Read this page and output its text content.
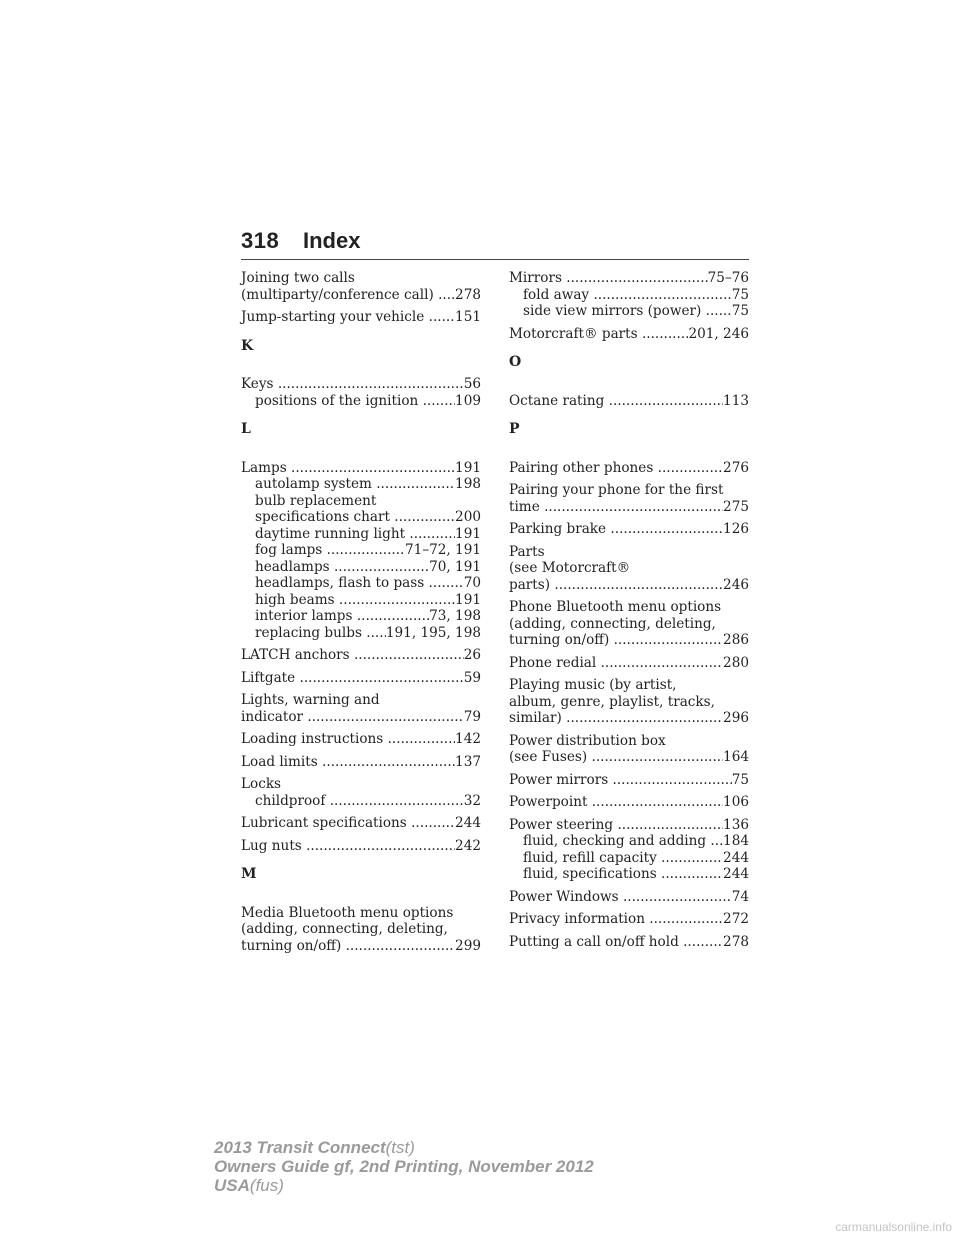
318 Index
Joining two calls
(multiparty/conference call) ..... 278
Jump-starting your vehicle ..... 151
K
Keys .....	56
positions of the ignition ..... 109
L
Lamps .....	191
autolamp system .....	198
bulb replacement
specifications chart .....	200
daytime running light .....	191
fog lamps .....	71–72, 191
headlamps .....	70, 191
headlamps, flash to pass .....	70
high beams .....	191
interior lamps .....	73, 198
replacing bulbs ..... 191, 195, 198
LATCH anchors .....	26
Liftgate .....	59
Lights, warning and
indicator .....	79
Loading instructions .....	142
Load limits .....	137
Locks
childproof .....	32
Lubricant specifications .....	244
Lug nuts .....	242
M
Media Bluetooth menu options
(adding, connecting, deleting,
turning on/off) .....	299
Mirrors .....	75–76
fold away .....	75
side view mirrors (power) ..... 75
Motorcraft® parts .....	201, 246
O
Octane rating .....	113
P
Pairing other phones .....	276
Pairing your phone for the first
time .....	275
Parking brake .....	126
Parts
(see Motorcraft®
parts) .....	246
Phone Bluetooth menu options
(adding, connecting, deleting,
turning on/off) .....	286
Phone redial .....	280
Playing music (by artist,
album, genre, playlist, tracks,
similar) .....	296
Power distribution box
(see Fuses) .....	164
Power mirrors .....	75
Powerpoint .....	106
Power steering .....	136
fluid, checking and adding ..... 184
fluid, refill capacity .....	244
fluid, specifications .....	244
Power Windows .....	74
Privacy information .....	272
Putting a call on/off hold .....	278
2013 Transit Connect(tst)
Owners Guide gf, 2nd Printing, November 2012
USA(fus)
carmanualsonline.info
